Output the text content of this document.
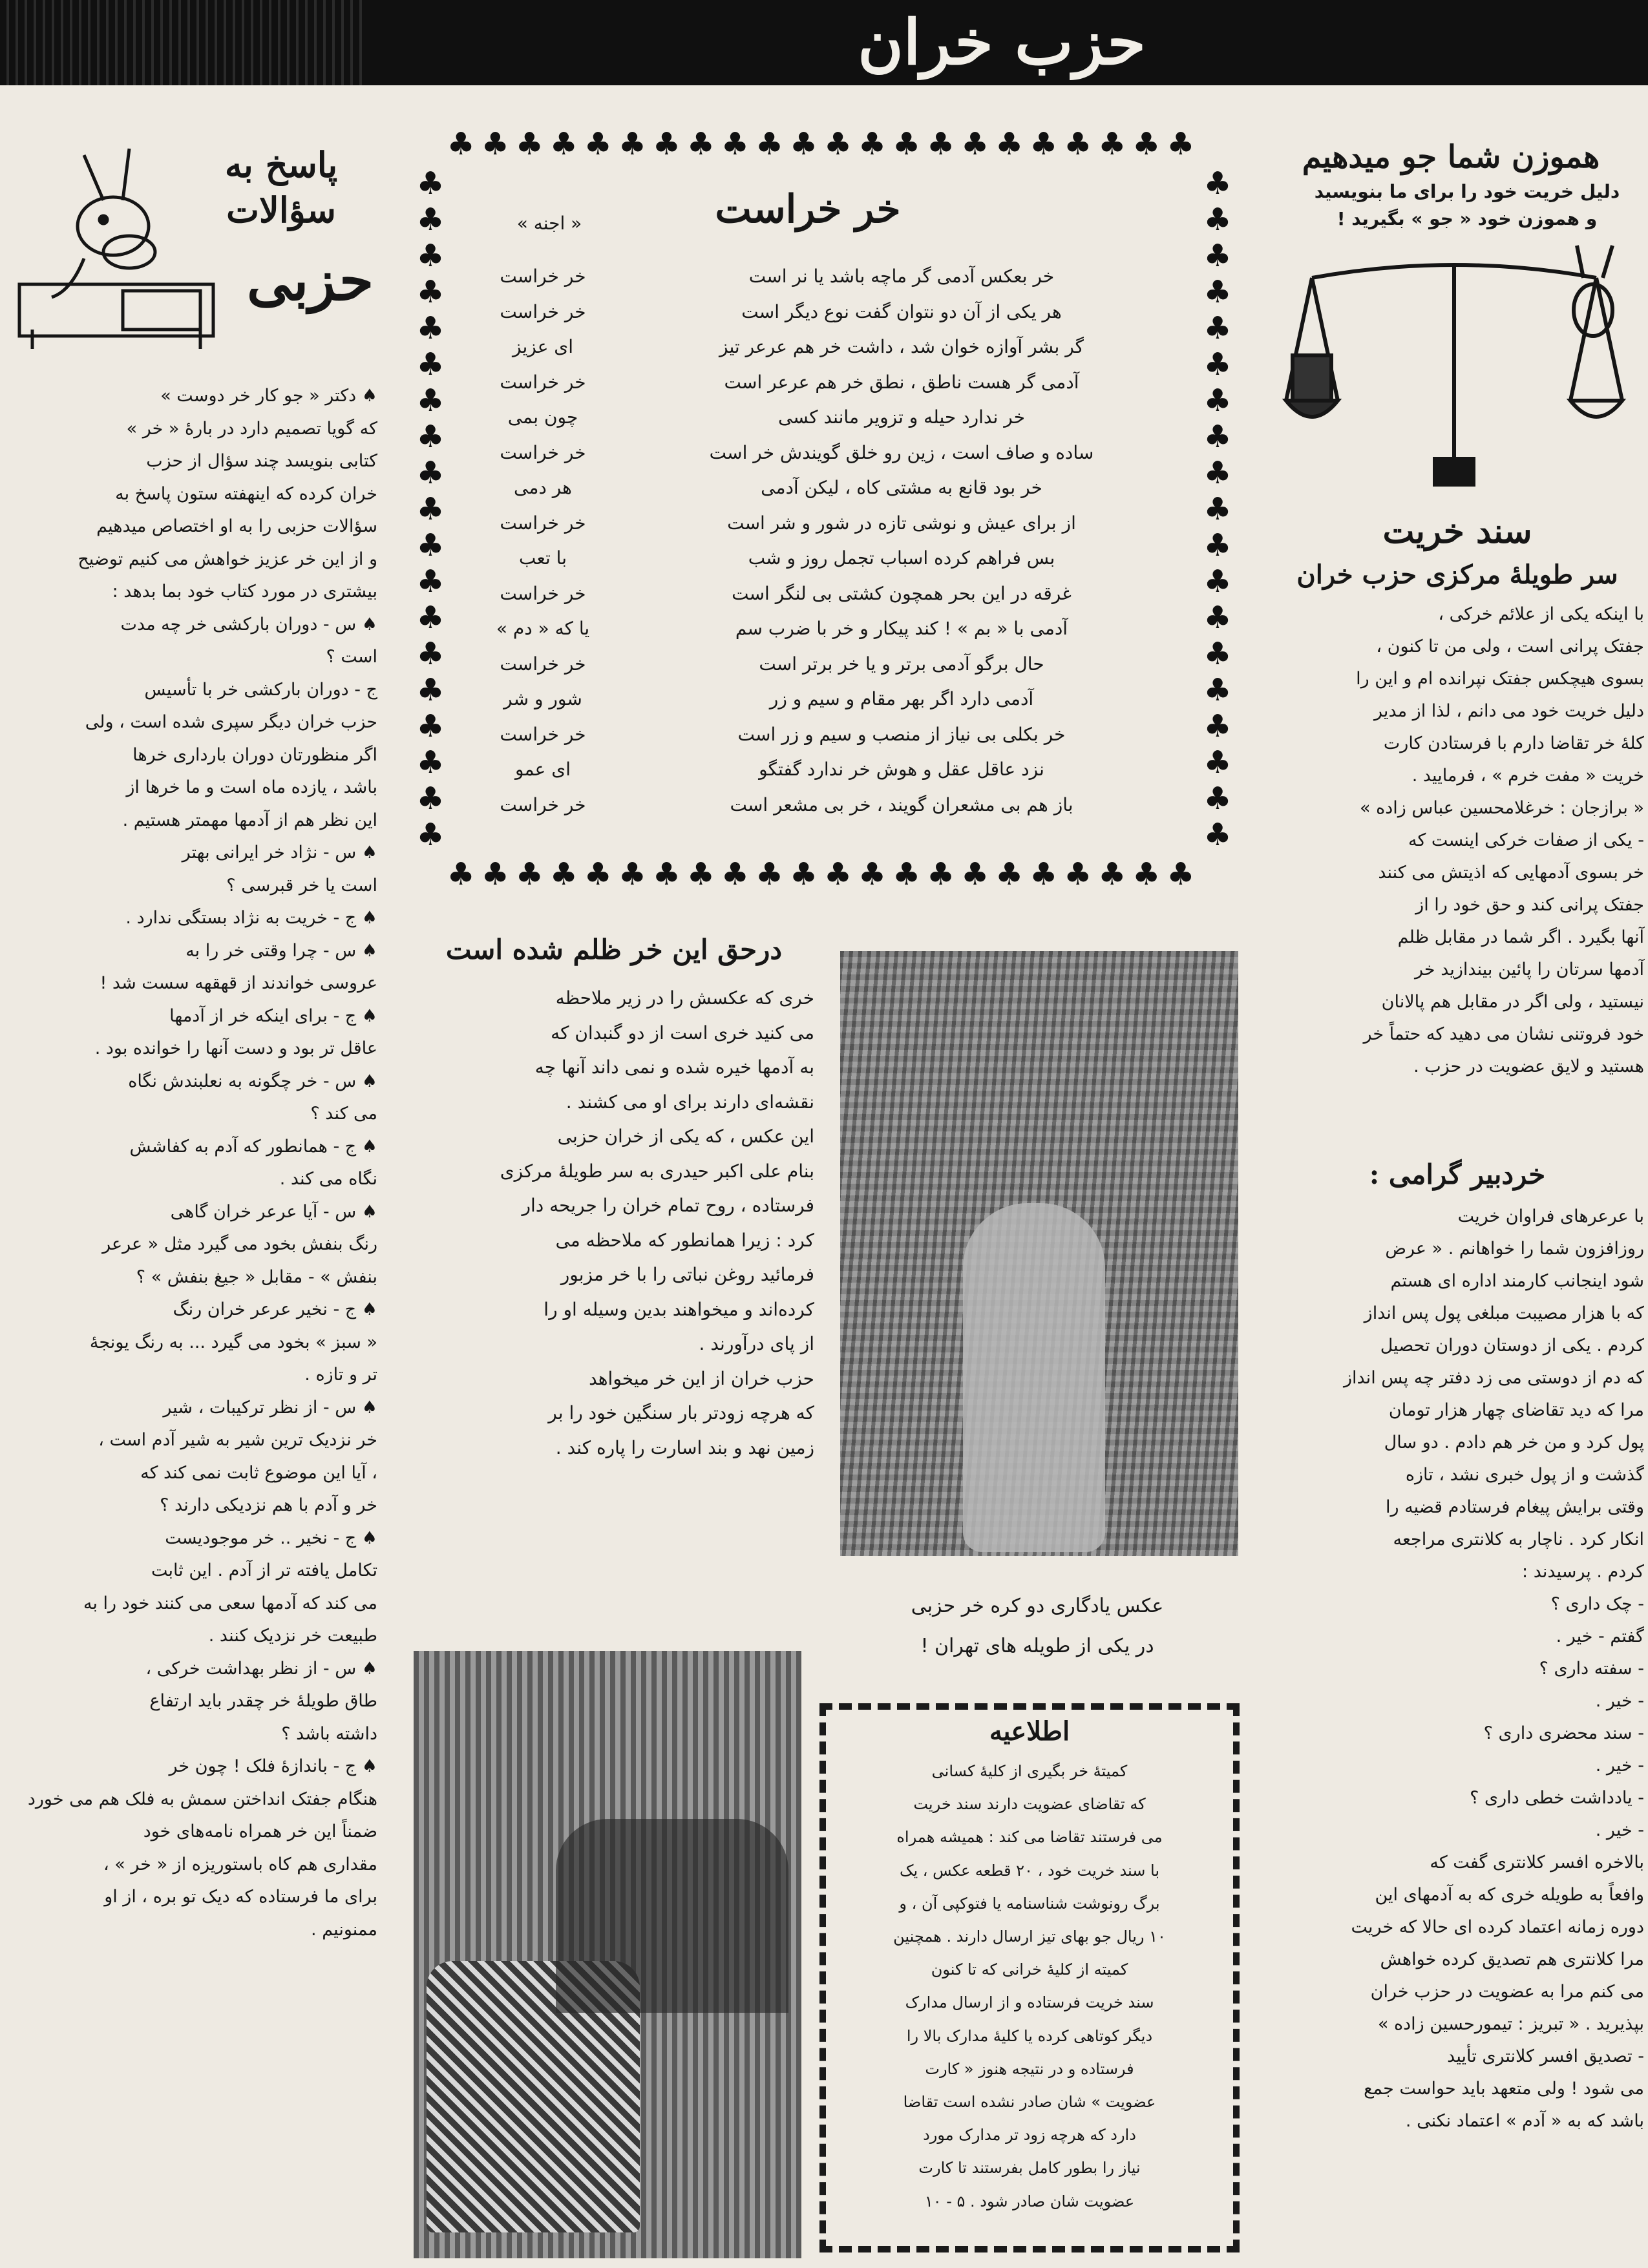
حزب خران

پاسخ به سؤالات

حزبی

♠ دکتر « جو کار خر دوست »
که گویا تصمیم دارد در بارهٔ « خر »
کتابی بنویسد چند سؤال از حزب
خران کرده که اینهفته ستون پاسخ به
سؤالات حزبی را به او اختصاص میدهیم
و از این خر عزیز خواهش می کنیم توضیح
بیشتری در مورد کتاب خود بما بدهد :
♠ س - دوران بارکشی خر چه مدت
است ؟
ج - دوران بارکشی خر با تأسیس
حزب خران دیگر سپری شده است ، ولی
اگر منظورتان دوران بارداری خرها
باشد ، یازده ماه است و ما خرها از
این نظر هم از آدمها مهمتر هستیم .
♠ س - نژاد خر ایرانی بهتر
است یا خر قبرسی ؟
♠ ج - خریت به نژاد بستگی ندارد .
♠ س - چرا وقتی خر را به
عروسی خواندند از قهقهه سست شد !
♠ ج - برای اینکه خر از آدمها
عاقل تر بود و دست آنها را خوانده بود .
♠ س - خر چگونه به نعلبندش نگاه
می کند ؟
♠ ج - همانطور که آدم به کفاشش
نگاه می کند .
♠ س - آیا عرعر خران گاهی
رنگ بنفش بخود می گیرد مثل « عرعر
بنفش » - مقابل « جیغ بنفش » ؟
♠ ج - نخیر عرعر خران رنگ
« سبز » بخود می گیرد ... به رنگ یونجهٔ
تر و تازه .
♠ س - از نظر ترکیبات ، شیر
خر نزدیک ترین شیر به شیر آدم است ،
، آیا این موضوع ثابت نمی کند که
خر و آدم با هم نزدیکی دارند ؟
♠ ج - نخیر .. خر موجودیست
تکامل یافته تر از آدم . این ثابت
می کند که آدمها سعی می کنند خود را به
طبیعت خر نزدیک کنند .
♠ س - از نظر بهداشت خرکی ،
طاق طویلهٔ خر چقدر باید ارتفاع
داشته باشد ؟
♠ ج - باندازهٔ فلک ! چون خر
هنگام جفتک انداختن سمش به فلک هم می خورد
ضمناً این خر همراه نامه‌های خود
مقداری هم کاه باستوریزه از « خر » ،
برای ما فرستاده که دیک تو بره ، از او
ممنونیم .

♣♣♣♣♣♣♣♣♣♣♣♣♣♣♣♣♣♣♣♣♣♣
♣♣♣♣♣♣♣♣♣♣♣♣♣♣♣♣♣♣♣♣♣♣
♣
♣
♣
♣
♣
♣
♣
♣
♣
♣
♣
♣
♣
♣
♣
♣
♣
♣
♣
♣
♣
♣
♣
♣
♣
♣
♣
♣
♣
♣
♣
♣
♣
♣
♣
♣
♣
♣

خر خراست

« اجنه »

خر بعکس آدمی گر ماچه باشد یا نر است
هر یکی از آن دو نتوان گفت نوع دیگر است
گر بشر آوازه خوان شد ، داشت خر هم عرعر تیز
آدمی گر هست ناطق ، نطق خر هم عرعر است
خر ندارد حیله و تزویر مانند کسی
ساده و صاف است ، زین رو خلق گویندش خر است
خر بود قانع به مشتی کاه ، لیکن آدمی
از برای عیش و نوشی تازه در شور و شر است
بس فراهم کرده اسباب تجمل روز و شب
غرقه در این بحر همچون کشتی بی لنگر است
آدمی با « بم » ! کند پیکار و خر با ضرب سم
حال برگو آدمی برتر و یا خر برتر است
آدمی دارد اگر بهر مقام و سیم و زر
خر بکلی بی نیاز از منصب و سیم و زر است
نزد عاقل عقل و هوش خر ندارد گفتگو
باز هم بی مشعران گویند ، خر بی مشعر است

خر خراست
خر خراست
ای عزیز
خر خراست
چون بمی
خر خراست
هر دمی
خر خراست
با تعب
خر خراست
یا که « دم »
خر خراست
شور و شر
خر خراست
ای عمو
خر خراست

درحق این خر ظلم شده است

خری که عکسش را در زیر ملاحظه
می کنید خری است از دو گنبدان که
به آدمها خیره شده و نمی داند آنها چه
نقشه‌ای دارند برای او می کشند .
این عکس ، که یکی از خران حزبی
بنام علی اکبر حیدری به سر طویلهٔ مرکزی
فرستاده ، روح تمام خران را جریحه دار
کرد : زیرا همانطور که ملاحظه می‌
فرمائید روغن نباتی را با خر مزبور
کرده‌اند و میخواهند بدین وسیله او را
از پای درآورند .
حزب خران از این خر میخواهد
که هرچه زودتر بار سنگین خود را بر
زمین نهد و بند اسارت را پاره کند .

عکس یادگاری دو کره خر حزبی
در یکی از طویله های تهران !

اطلاعیه

کمیتهٔ خر بگیری از کلیهٔ کسانی
که تقاضای عضویت دارند سند خریت
می فرستند تقاضا می کند : همیشه همراه
با سند خریت خود ، ۲۰ قطعه عکس ، یک
برگ رونوشت شناسنامه یا فتوکپی آن ، و
۱۰ ریال جو بهای تیز ارسال دارند . همچنین
کمیته از کلیهٔ خرانی که تا کنون
سند خریت فرستاده و از ارسال مدارک
دیگر کوتاهی کرده یا کلیهٔ مدارک بالا را
فرستاده و در نتیجه هنوز « کارت
عضویت » شان صادر نشده است تقاضا
دارد که هرچه زود تر مدارک مورد
نیاز را بطور کامل بفرستند تا کارت
عضویت شان صادر شود . ۵ - ۱۰

هموزن شما جو میدهیم

دلیل خریت خود را برای ما بنویسید
و هموزن خود « جو » بگیرید !

سند خریت

سر طویلهٔ مرکزی حزب خران

با اینکه یکی از علائم خرکی ،
جفتک پرانی است ، ولی من تا کنون ،
بسوی هیچکس جفتک نپرانده ام و این را
دلیل خریت خود می دانم ، لذا از مدیر
کلهٔ خر تقاضا دارم با فرستادن کارت
خریت « مفت خرم » ، فرمایید .
« برازجان : خرغلامحسین عباس زاده »
- یکی از صفات خرکی اینست که
خر بسوی آدمهایی که اذیتش می کنند
جفتک پرانی کند و حق خود را از
آنها بگیرد . اگر شما در مقابل ظلم
آدمها سرتان را پائین بیندازید خر
نیستید ، ولی اگر در مقابل هم پالانان
خود فروتنی نشان می دهید که حتماً خر
هستید و لایق عضویت در حزب .

خردبیر گرامی :

با عرعرهای فراوان خریت
روزافزون شما را خواهانم . « عرض
شود اینجانب کارمند اداره ای هستم
که با هزار مصیبت مبلغی پول پس انداز
کردم . یکی از دوستان دوران تحصیل
که دم از دوستی می زد دفتر چه پس انداز
مرا که دید تقاضای چهار هزار تومان
پول کرد و من خر هم دادم . دو سال
گذشت و از پول خبری نشد ، تازه
وقتی برایش پیغام فرستادم قضیه را
انکار کرد . ناچار به کلانتری مراجعه
کردم . پرسیدند :
- چک داری ؟
گفتم - خیر .
- سفته داری ؟
- خیر .
- سند محضری داری ؟
- خیر .
- یادداشت خطی داری ؟
- خیر .
بالاخره افسر کلانتری گفت که
وافعاً به طویله خری که به آدمهای این
دوره زمانه اعتماد کرده ای حالا که خریت
مرا کلانتری هم تصدیق کرده خواهش
می کنم مرا به عضویت در حزب خران
بپذیرید . « تبریز : تیمورحسین زاده »
- تصدیق افسر کلانتری تأیید
می شود ! ولی متعهد باید حواست جمع
باشد که به « آدم » اعتماد نکنی .
